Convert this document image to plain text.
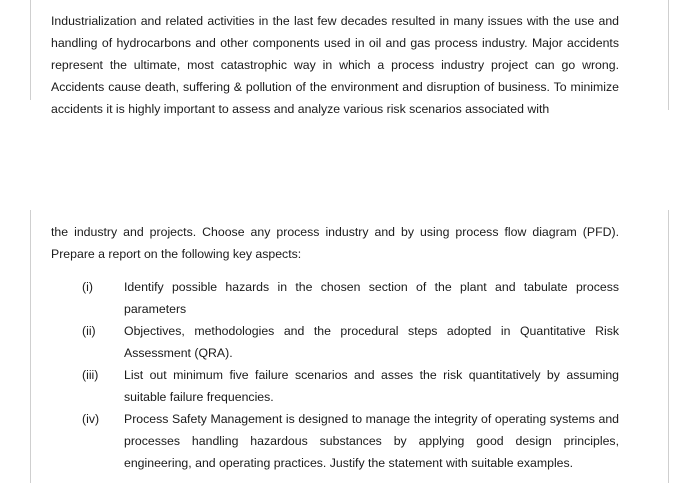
Industrialization and related activities in the last few decades resulted in many issues with the use and handling of hydrocarbons and other components used in oil and gas process industry. Major accidents represent the ultimate, most catastrophic way in which a process industry project can go wrong. Accidents cause death, suffering & pollution of the environment and disruption of business. To minimize accidents it is highly important to assess and analyze various risk scenarios associated with

the industry and projects. Choose any process industry and by using process flow diagram (PFD). Prepare a report on the following key aspects:

(i)	Identify possible hazards in the chosen section of the plant and tabulate process parameters
(ii) Objectives, methodologies and the procedural steps adopted in Quantitative Risk Assessment (QRA).
(iii) List out minimum five failure scenarios and asses the risk quantitatively by assuming suitable failure frequencies.
(iv) Process Safety Management is designed to manage the integrity of operating systems and processes handling hazardous substances by applying good design principles, engineering, and operating practices. Justify the statement with suitable examples.
